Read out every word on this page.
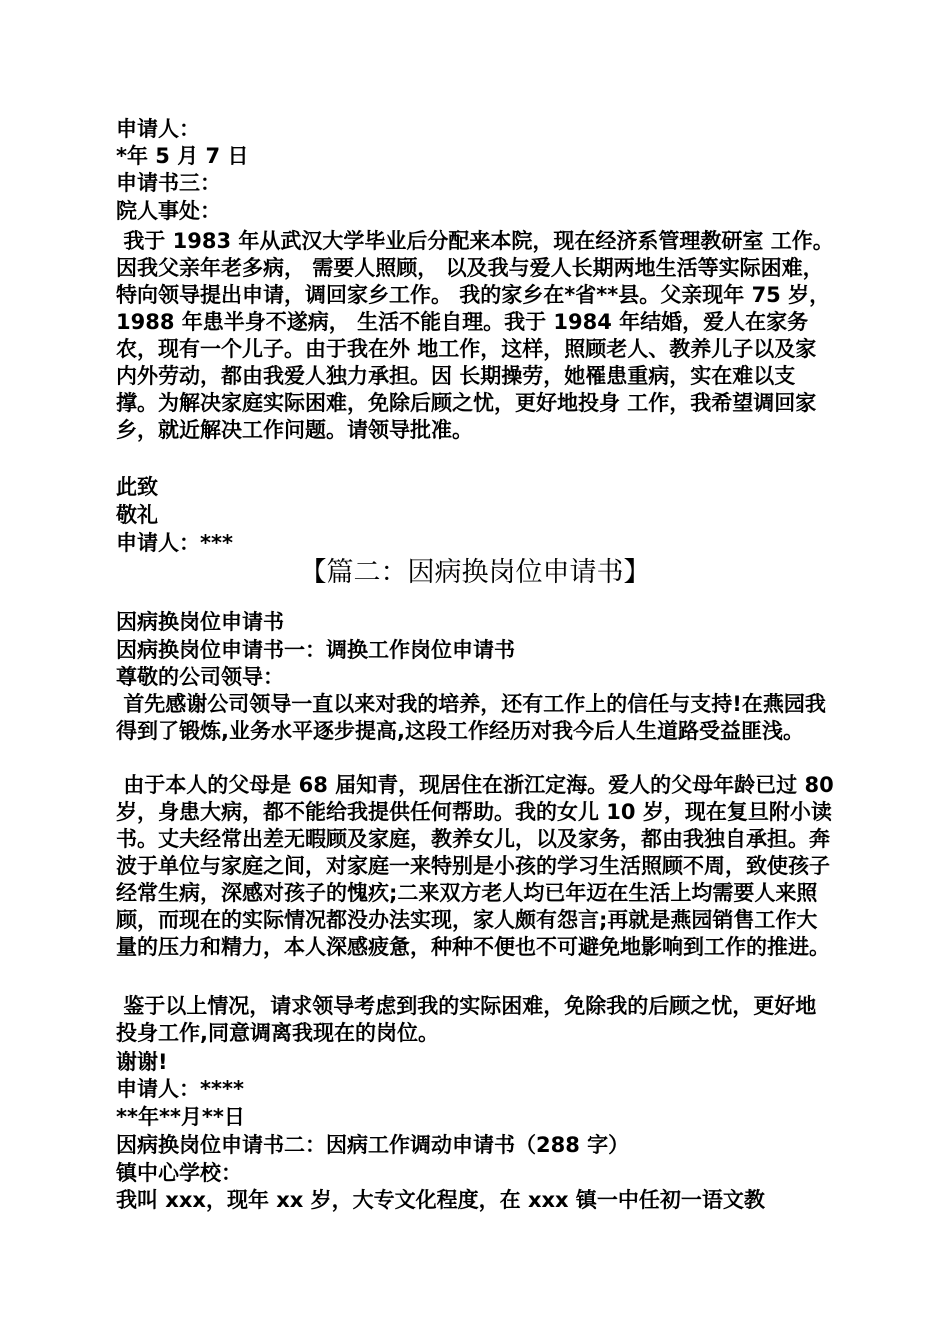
申请人：
*年 5 月 7 日
申请书三：
院人事处：
我于 1983 年从武汉大学毕业后分配来本院，现在经济系管理教研室 工作。 因我父亲年老多病， 需要人照顾， 以及我与爱人长期两地生活等实际困难， 特向领导提出申请，调回家乡工作。 我的家乡在*省**县。父亲现年 75 岁，1988 年患半身不遂病， 生活不能自理。我于 1984 年结婚，爱人在家务农，现有一个儿子。由于我在外 地工作，这样，照顾老人、教养儿子以及家内外劳动，都由我爱人独力承担。因 长期操劳，她罹患重病，实在难以支撑。为解决家庭实际困难，免除后顾之忧，更好地投身 工作，我希望调回家乡，就近解决工作问题。请领导批准。
此致
敬礼
申请人：***
【篇二：因病换岗位申请书】
因病换岗位申请书
因病换岗位申请书一：调换工作岗位申请书
尊敬的公司领导：
首先感谢公司领导一直以来对我的培养，还有工作上的信任与支持!在燕园我得到了锻炼,业务水平逐步提高,这段工作经历对我今后人生道路受益匪浅。
由于本人的父母是 68 届知青，现居住在浙江定海。爱人的父母年龄已过 80 岁，身患大病，都不能给我提供任何帮助。我的女儿 10 岁，现在复旦附小读书。丈夫经常出差无暇顾及家庭，教养女儿，以及家务，都由我独自承担。奔波于单位与家庭之间，对家庭一来特别是小孩的学习生活照顾不周，致使孩子经常生病，深感对孩子的愧疚;二来双方老人均已年迈在生活上均需要人来照顾，而现在的实际情况都没办法实现，家人颇有怨言;再就是燕园销售工作大量的压力和精力，本人深感疲惫，种种不便也不可避免地影响到工作的推进。
鉴于以上情况，请求领导考虑到我的实际困难，免除我的后顾之忧，更好地投身工作,同意调离我现在的岗位。
谢谢!
申请人：****
**年**月**日
因病换岗位申请书二：因病工作调动申请书（288 字）
镇中心学校：
我叫 xxx，现年 xx 岁，大专文化程度，在 xxx 镇一中任初一语文教
